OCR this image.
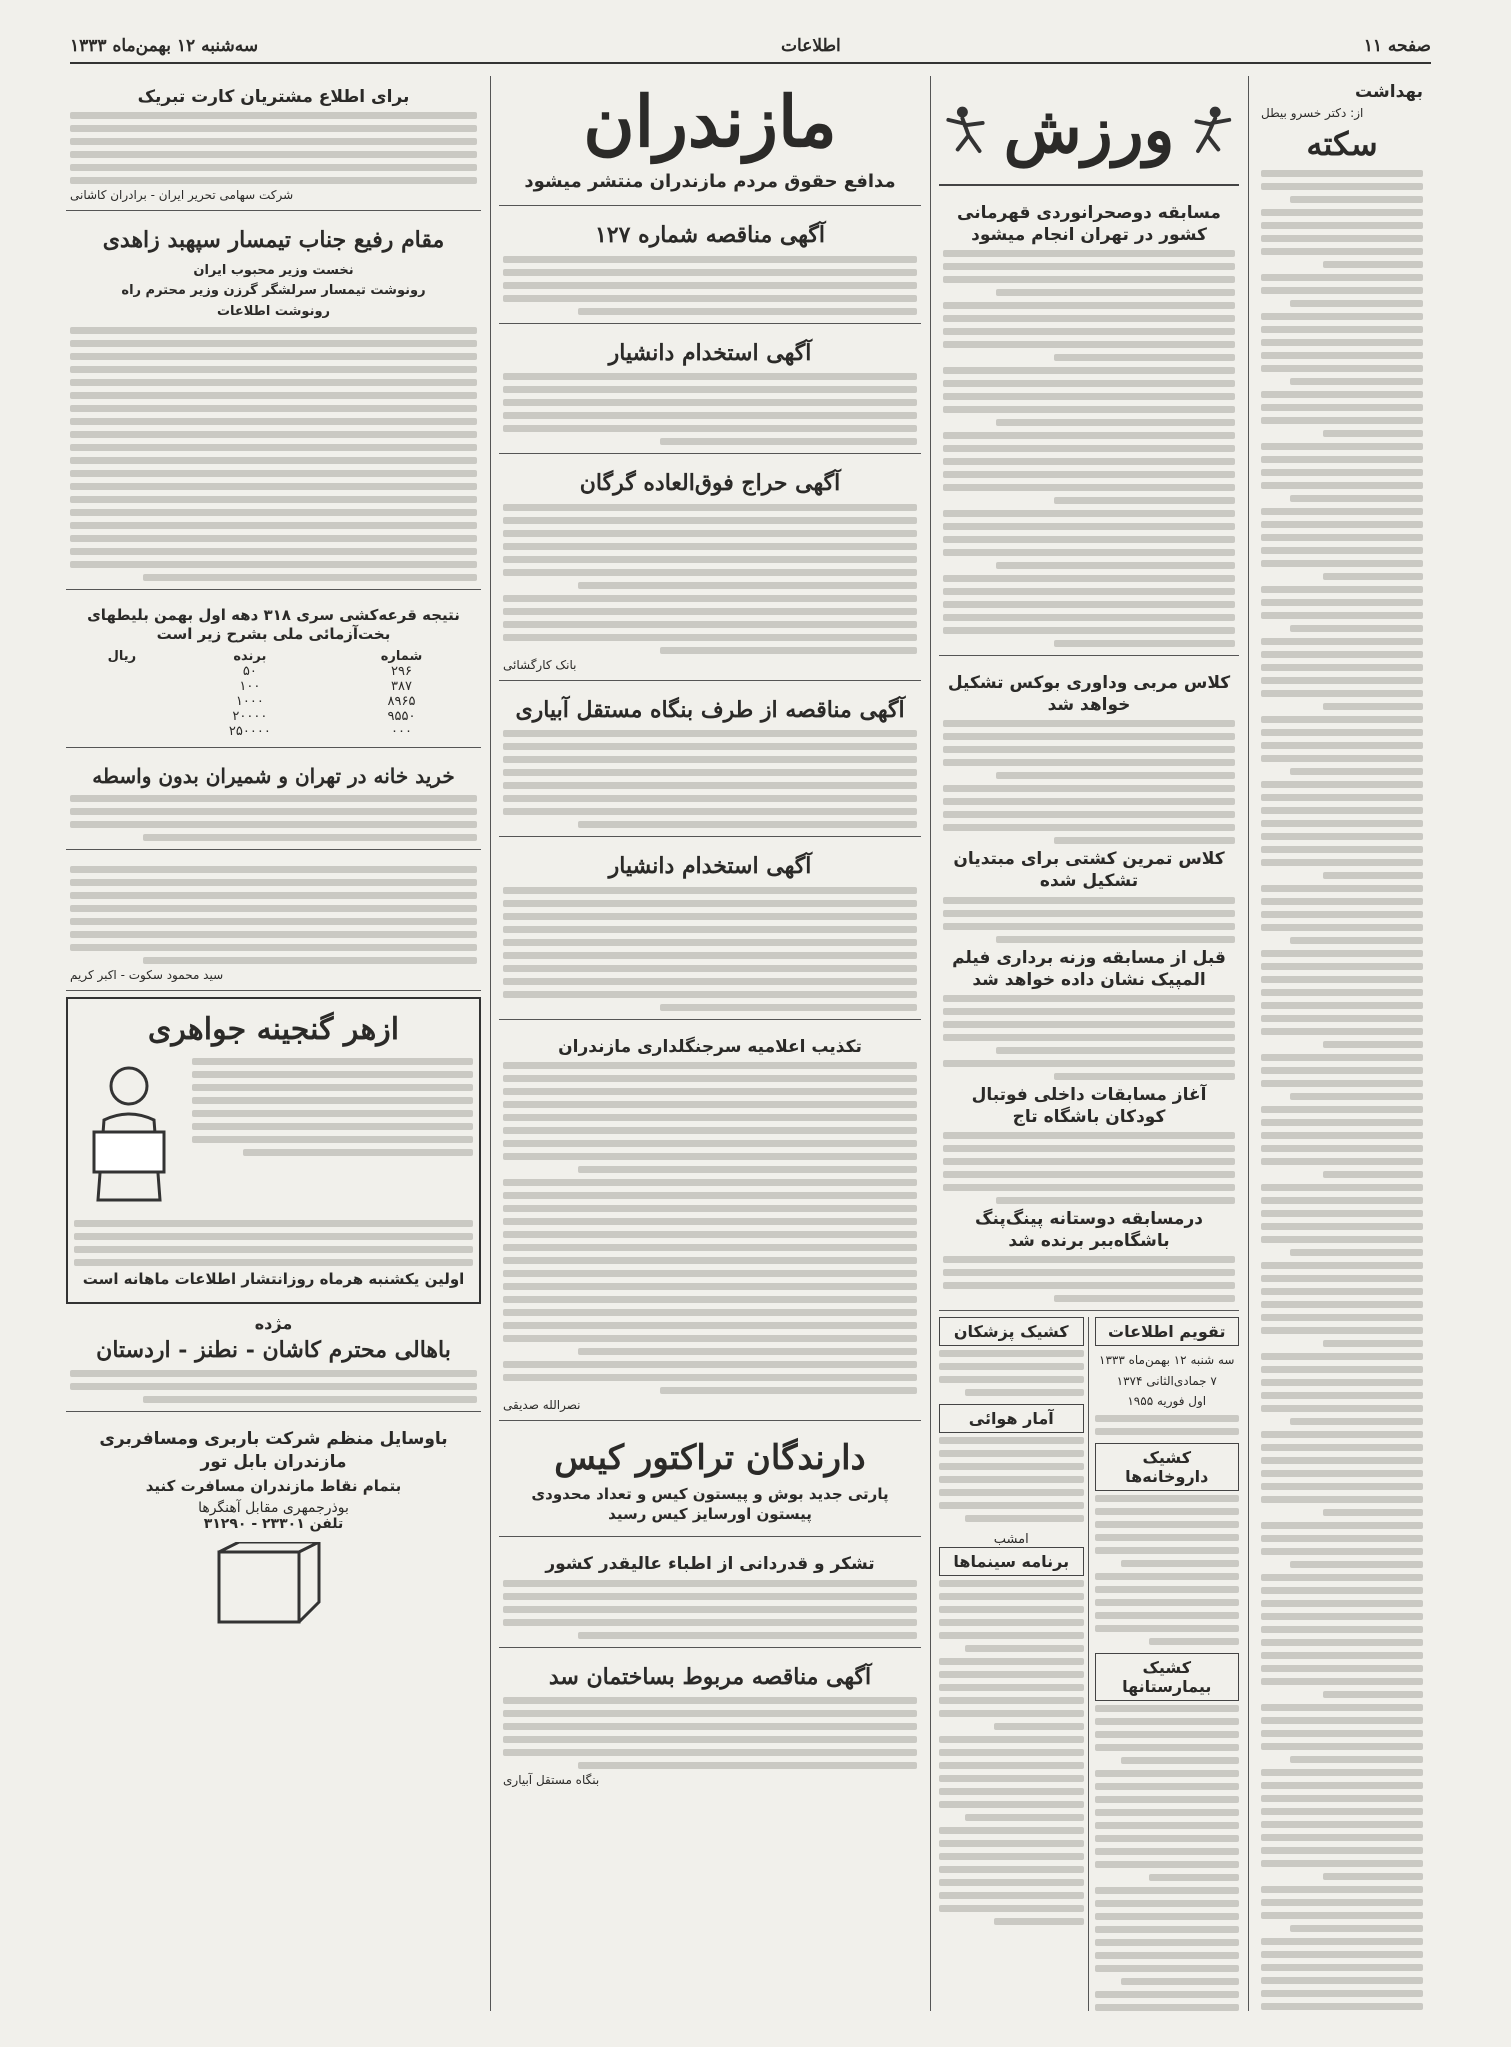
صفحه ۱۱
اطلاعات
سه‌شنبه ۱۲ بهمن‌ماه ۱۳۳۳
بهداشت
از: دکتر خسرو بیطل
سکته
ورزش
مسابقه دوصحرانوردی قهرمانی کشور در تهران انجام میشود
کلاس مربی وداوری بوکس تشکیل خواهد شد
کلاس تمرین کشتی برای مبتدیان تشکیل شده
قبل از مسابقه وزنه برداری فیلم المپیک نشان داده خواهد شد
آغاز مسابقات داخلی فوتبال کودکان باشگاه تاج
درمسابقه دوستانه پینگ‌پنگ باشگاه‌ببر برنده شد
تقویم اطلاعات
سه شنبه ۱۲ بهمن‌ماه ۱۳۳۳
۷ جمادی‌الثانی ۱۳۷۴
اول فوریه ۱۹۵۵
کشیک داروخانه‌ها
کشیک بیمارستانها
کشیک پزشکان
آمار هوائی
امشب
برنامه سینماها
مازندران
مدافع حقوق مردم مازندران منتشر میشود
آگهی مناقصه شماره ۱۲۷
آگهی استخدام دانشیار
آگهی حراج فوق‌العاده گرگان
بانک کارگشائی
آگهی مناقصه از طرف بنگاه مستقل آبیاری
آگهی استخدام دانشیار
تکذیب اعلامیه سرجنگلداری مازندران
نصرالله صدیقی
دارندگان تراکتور کیس
پارتی جدید بوش و پیستون کیس و تعداد محدودی پیستون اورسایز کیس رسید
تشکر و قدردانی از اطباء عالیقدر کشور
آگهی مناقصه مربوط بساختمان سد
بنگاه مستقل آبیاری
برای اطلاع مشتریان کارت تبریک
شرکت سهامی تحریر ایران - برادران کاشانی
مقام رفیع جناب تیمسار سپهبد زاهدی
نخست وزیر محبوب ایران
رونوشت تیمسار سرلشگر گرزن وزیر محترم راه
رونوشت اطلاعات
نتیجه قرعه‌کشی سری ۳۱۸ دهه اول بهمن بلیطهای بخت‌آزمائی ملی بشرح زیر است
شماره	برنده	ریال
۲۹۶	۵۰	
۳۸۷	۱۰۰	
۸۹۶۵	۱۰۰۰	
۹۵۵۰	۲۰۰۰۰	
۰۰۰	۲۵۰۰۰۰	
خرید خانه در تهران و شمیران بدون واسطه
سید محمود سکوت - اکبر کریم
ازهر گنجینه جواهری
اولین یکشنبه هرماه روزانتشار اطلاعات ماهانه است
مژده
باهالی محترم کاشان - نطنز - اردستان
باوسایل منظم شرکت باربری ومسافربری مازندران بابل تور
بتمام نقاط مازندران مسافرت کنید
بوذرجمهری مقابل آهنگرها
تلفن ۲۳۳۰۱ - ۳۱۲۹۰
